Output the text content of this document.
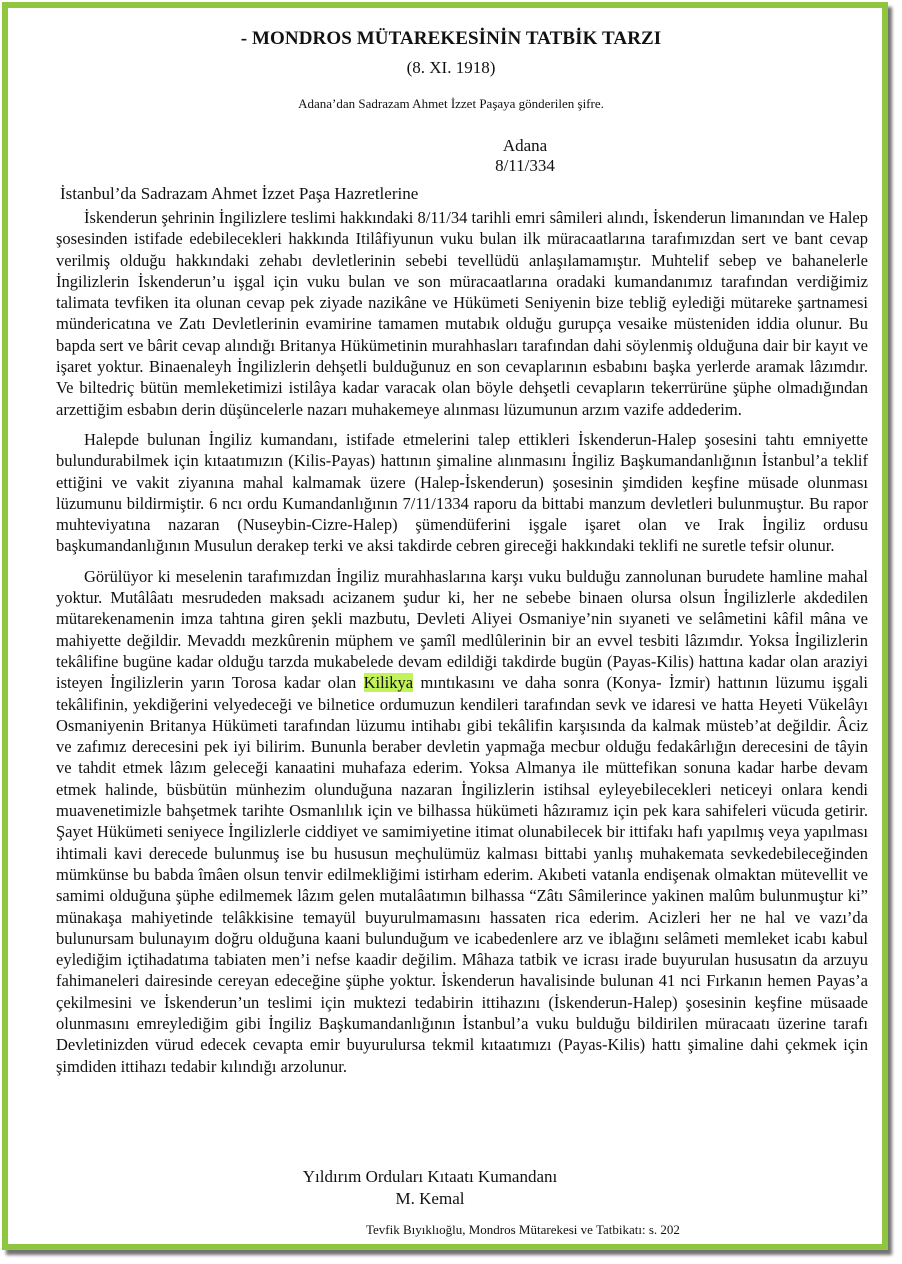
- MONDROS MÜTAREKESİNİN TATBİK TARZI
(8. XI. 1918)
Adana’dan Sadrazam Ahmet İzzet Paşaya gönderilen şifre.
Adana
8/11/334
İstanbul’da Sadrazam Ahmet İzzet Paşa Hazretlerine

İskenderun şehrinin İngilizlere teslimi hakkındaki 8/11/34 tarihli emri sâmileri alındı, İskenderun limanından ve Halep şosesinden istifade edebilecekleri hakkında Itilâfiyunun vuku bulan ilk müracaatlarına tarafımızdan sert ve bant cevap verilmiş olduğu hakkındaki zehabı devletlerinin sebebi tevellüdü anlaşılamamıştır. Muhtelif sebep ve bahanelerle İngilizlerin İskenderun’u işgal için vuku bulan ve son müracaatlarına oradaki kumandanımız tarafından verdiğimiz talimata tevfiken ita olunan cevap pek ziyade nazikâne ve Hükümeti Seniyenin bize tebliğ eylediği mütareke şartnamesi mündericatına ve Zatı Devletlerinin evamirine tamamen mutabık olduğu gurupça vesaike müsteniden iddia olunur. Bu bapda sert ve bârit cevap alındığı Britanya Hükümetinin murahhasları tarafından dahi söylenmiş olduğuna dair bir kayıt ve işaret yoktur. Binaenaleyh İngilizlerin dehşetli bulduğunuz en son cevaplarının esbabını başka yerlerde aramak lâzımdır. Ve biltedriç bütün memleketimizi istilâya kadar varacak olan böyle dehşetli cevapların tekerrürüne şüphe olmadığından arzettiğim esbabın derin düşüncelerle nazarı muhakemeye alınması lüzumunun arzım vazife addederim.

Halepde bulunan İngiliz kumandanı, istifade etmelerini talep ettikleri İskenderun-Halep şosesini tahtı emniyette bulundurabilmek için kıtaatımızın (Kilis-Payas) hattının şimaline alınmasını İngiliz Başkumandanlığının İstanbul’a teklif ettiğini ve vakit ziyanına mahal kalmamak üzere (Halep-İskenderun) şosesinin şimdiden keşfine müsade olunması lüzumunu bildirmiştir. 6 ncı ordu Kumandanlığının 7/11/1334 raporu da bittabi manzum devletleri bulunmuştur. Bu rapor muhteviyatına nazaran (Nuseybin-Cizre-Halep) şümendüferini işgale işaret olan ve Irak İngiliz ordusu başkumandanlığının Musulun derakep terki ve aksi takdirde cebren gireceği hakkındaki teklifi ne suretle tefsir olunur.

Görülüyor ki meselenin tarafımızdan İngiliz murahhaslarına karşı vuku bulduğu zannolunan burudete hamline mahal yoktur. Mutâlâatı mesrudeden maksadı acizanem şudur ki, her ne sebebe binaen olursa olsun İngilizlerle akdedilen mütarekenamenin imza tahtına giren şekli mazbutu, Devleti Aliyei Osmaniye’nin sıyaneti ve selâmetini kâfil mâna ve mahiyette değildir. Mevaddı mezkûrenin müphem ve şamîl medlûlerinin bir an evvel tesbiti lâzımdır. Yoksa İngilizlerin tekâlifine bugüne kadar olduğu tarzda mukabelede devam edildiği takdirde bugün (Payas-Kilis) hattına kadar olan araziyi isteyen İngilizlerin yarın Torosa kadar olan Kilikya mıntıkasını ve daha sonra (Konya- İzmir) hattının lüzumu işgali tekâlifinin, yekdiğerini velyedeceği ve bilnetice ordumuzun kendileri tarafından sevk ve idaresi ve hatta Heyeti Vükelâyı Osmaniyenin Britanya Hükümeti tarafından lüzumu intihabı gibi tekâlifin karşısında da kalmak müsteb’at değildir. Âciz ve zafımız derecesini pek iyi bilirim. Bununla beraber devletin yapmağa mecbur olduğu fedakârlığın derecesini de tâyin ve tahdit etmek lâzım geleceği kanaatini muhafaza ederim. Yoksa Almanya ile müttefikan sonuna kadar harbe devam etmek halinde, büsbütün münhezim olunduğuna nazaran İngilizlerin istihsal eyleyebilecekleri neticeyi onlara kendi muavenetimizle bahşetmek tarihte Osmanlılık için ve bilhassa hükümeti hâzıramız için pek kara sahifeleri vücuda getirir. Şayet Hükümeti seniyece İngilizlerle ciddiyet ve samimiyetine itimat olunabilecek bir ittifakı hafı yapılmış veya yapılması ihtimali kavi derecede bulunmuş ise bu hususun meçhulümüz kalması bittabi yanlış muhakemata sevkedebileceğinden mümkünse bu babda îmâen olsun tenvir edilmekliğimi istirham ederim. Akıbeti vatanla endişenak olmaktan mütevellit ve samimi olduğuna şüphe edilmemek lâzım gelen mutalâatımın bilhassa “Zâtı Sâmilerince yakinen malûm bulunmuştur ki” münakaşa mahiyetinde telâkkisine temayül buyurulmamasını hassaten rica ederim. Acizleri her ne hal ve vazı’da bulunursam bulunayım doğru olduğuna kaani bulunduğum ve icabedenlere arz ve iblağını selâmeti memleket icabı kabul eylediğim içtihadatıma tabiaten men’i nefse kaadir değilim. Mâhaza tatbik ve icrası irade buyurulan hususatın da arzuyu fahimaneleri dairesinde cereyan edeceğine şüphe yoktur. İskenderun havalisinde bulunan 41 nci Fırkanın hemen Payas’a çekilmesini ve İskenderun’un teslimi için muktezi tedabirin ittihazını (İskenderun-Halep) şosesinin keşfine müsaade olunmasını emreylediğim gibi İngiliz Başkumandanlığının İstanbul’a vuku bulduğu bildirilen müracaatı üzerine tarafı Devletinizden vürud edecek cevapta emir buyurulursa tekmil kıtaatımızı (Payas-Kilis) hattı şimaline dahi çekmek için şimdiden ittihazı tedabir kılındığı arzolunur.

Yıldırım Orduları Kıtaatı Kumandanı
M. Kemal
Tevfik Bıyıklıoğlu, Mondros Mütarekesi ve Tatbikatı: s. 202
